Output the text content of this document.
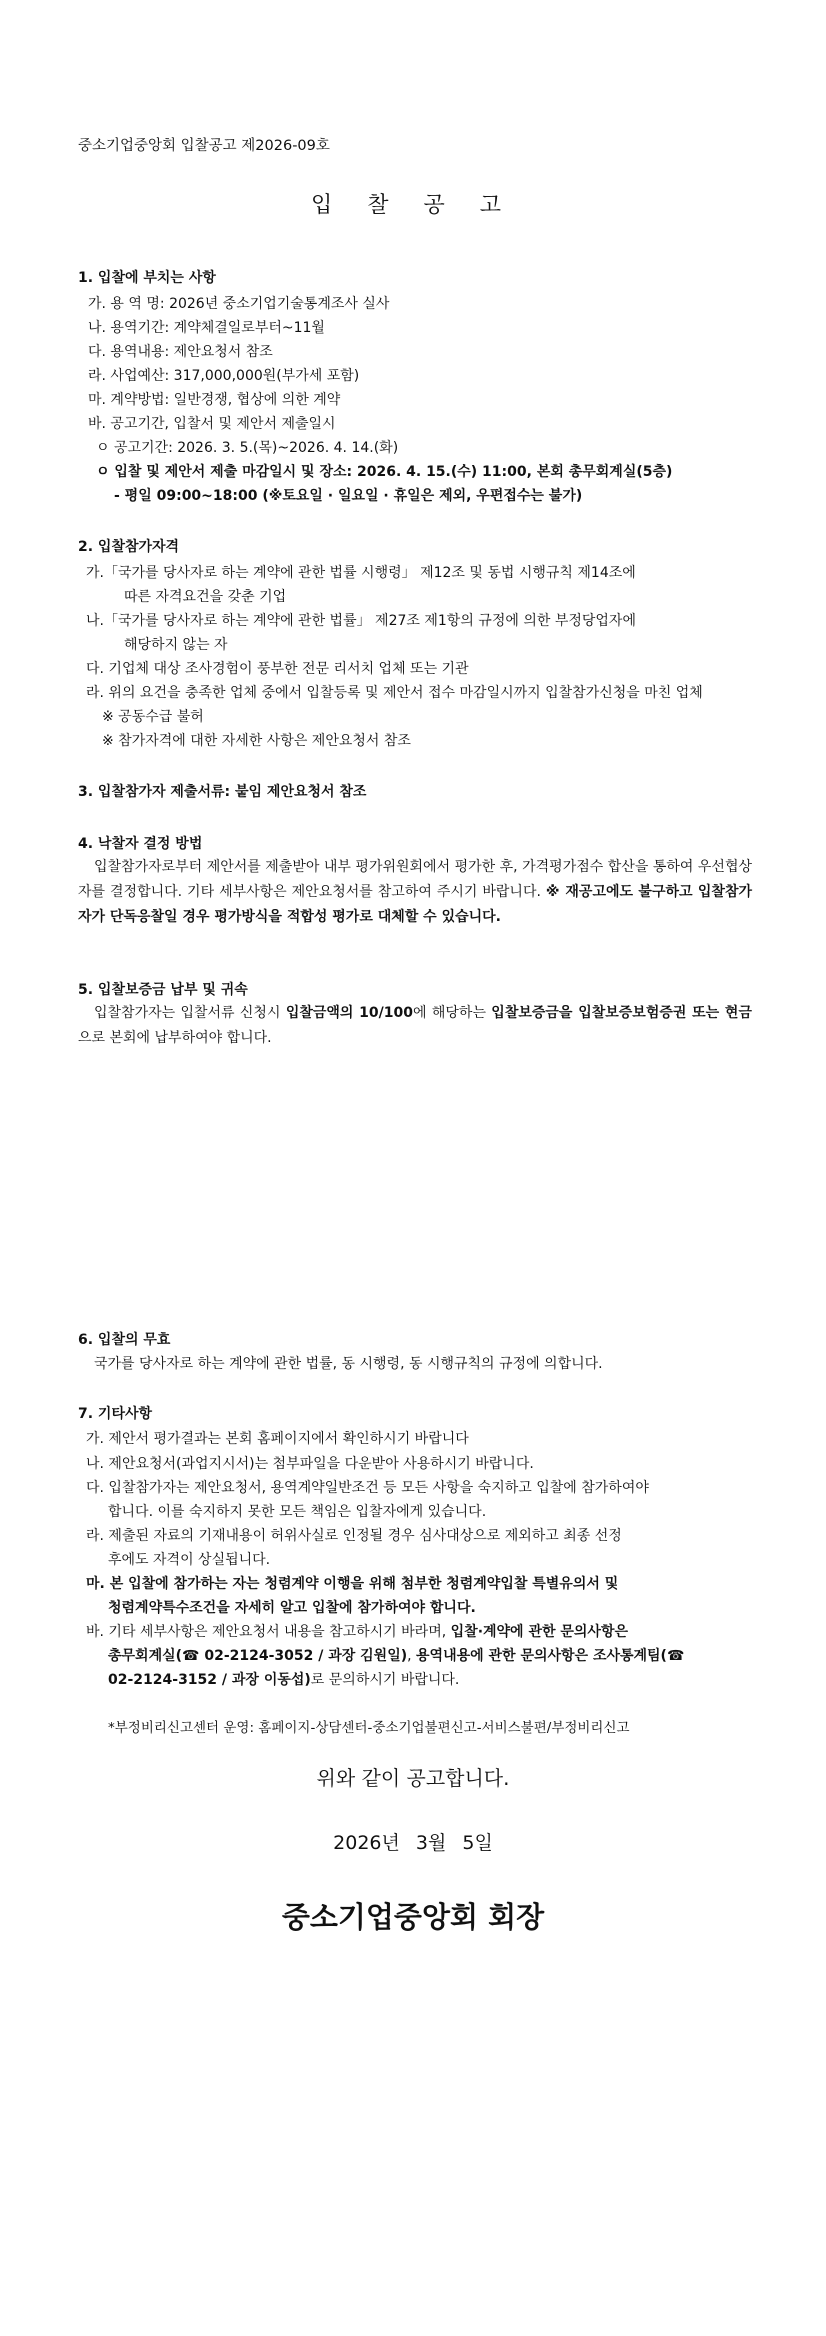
중소기업중앙회 입찰공고 제2026-09호
입 찰 공 고
1. 입찰에 부치는 사항
가. 용 역 명: 2026년 중소기업기술통계조사 실사
나. 용역기간: 계약체결일로부터~11월
다. 용역내용: 제안요청서 참조
라. 사업예산: 317,000,000원(부가세 포함)
마. 계약방법: 일반경쟁, 협상에 의한 계약
바. 공고기간, 입찰서 및 제안서 제출일시
ㅇ 공고기간: 2026. 3. 5.(목)~2026. 4. 14.(화)
ㅇ 입찰 및 제안서 제출 마감일시 및 장소: 2026. 4. 15.(수) 11:00, 본회 총무회계실(5층)
- 평일 09:00~18:00 (※토요일 · 일요일 · 휴일은 제외, 우편접수는 불가)
2. 입찰참가자격
가.「국가를 당사자로 하는 계약에 관한 법률 시행령」 제12조 및 동법 시행규칙 제14조에
따른 자격요건을 갖춘 기업
나.「국가를 당사자로 하는 계약에 관한 법률」 제27조 제1항의 규정에 의한 부정당업자에
해당하지 않는 자
다. 기업체 대상 조사경험이 풍부한 전문 리서치 업체 또는 기관
라. 위의 요건을 충족한 업체 중에서 입찰등록 및 제안서 접수 마감일시까지 입찰참가신청을 마친 업체
※ 공동수급 불허
※ 참가자격에 대한 자세한 사항은 제안요청서 참조
3. 입찰참가자 제출서류: 붙임 제안요청서 참조
4. 낙찰자 결정 방법
입찰참가자로부터 제안서를 제출받아 내부 평가위원회에서 평가한 후, 가격평가점수 합산을 통하여 우선협상자를 결정합니다. 기타 세부사항은 제안요청서를 참고하여 주시기 바랍니다. ※ 재공고에도 불구하고 입찰참가자가 단독응찰일 경우 평가방식을 적합성 평가로 대체할 수 있습니다.
5. 입찰보증금 납부 및 귀속
입찰참가자는 입찰서류 신청시 입찰금액의 10/100에 해당하는 입찰보증금을 입찰보증보험증권 또는 현금으로 본회에 납부하여야 합니다.
6. 입찰의 무효
국가를 당사자로 하는 계약에 관한 법률, 동 시행령, 동 시행규칙의 규정에 의합니다.
7. 기타사항
가. 제안서 평가결과는 본회 홈페이지에서 확인하시기 바랍니다
나. 제안요청서(과업지시서)는 첨부파일을 다운받아 사용하시기 바랍니다.
다. 입찰참가자는 제안요청서, 용역계약일반조건 등 모든 사항을 숙지하고 입찰에 참가하여야
합니다. 이를 숙지하지 못한 모든 책임은 입찰자에게 있습니다.
라. 제출된 자료의 기재내용이 허위사실로 인정될 경우 심사대상으로 제외하고 최종 선정
후에도 자격이 상실됩니다.
마. 본 입찰에 참가하는 자는 청렴계약 이행을 위해 첨부한 청렴계약입찰 특별유의서 및
청렴계약특수조건을 자세히 알고 입찰에 참가하여야 합니다.
바. 기타 세부사항은 제안요청서 내용을 참고하시기 바라며, 입찰·계약에 관한 문의사항은
총무회계실(☎ 02-2124-3052 / 과장 김원일), 용역내용에 관한 문의사항은 조사통계팀(☎
02-2124-3152 / 과장 이동섭)로 문의하시기 바랍니다.
*부정비리신고센터 운영: 홈페이지-상담센터-중소기업불편신고-서비스불편/부정비리신고
위와 같이 공고합니다.
2026년 3월 5일
중소기업중앙회 회장
